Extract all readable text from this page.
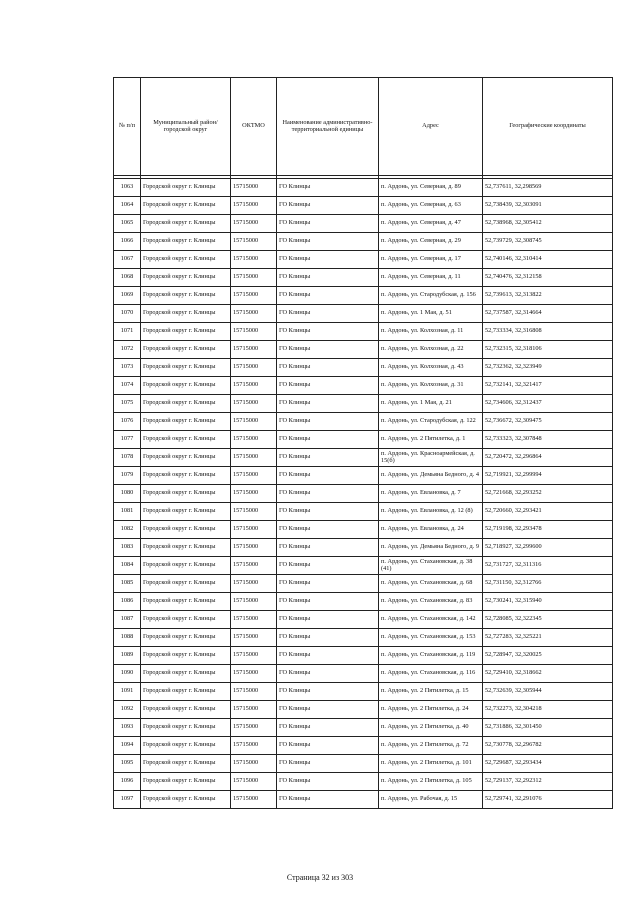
№ п/п	Муниципальный район/городской округ	ОКТМО	Наименование административно-территориальной единицы	Адрес	Географические координаты

1063	Городской округ г. Клинцы	15715000	ГО Клинцы	п. Ардонь, ул. Северная, д. 89	52,737611, 32,298569
1064	Городской округ г. Клинцы	15715000	ГО Клинцы	п. Ардонь, ул. Северная, д. 63	52,738439, 32,303091
1065	Городской округ г. Клинцы	15715000	ГО Клинцы	п. Ардонь, ул. Северная, д. 47	52,738968, 32,305412
1066	Городской округ г. Клинцы	15715000	ГО Клинцы	п. Ардонь, ул. Северная, д. 29	52,739729, 32,308745
1067	Городской округ г. Клинцы	15715000	ГО Клинцы	п. Ардонь, ул. Северная, д. 17	52,740146, 32,310414
1068	Городской округ г. Клинцы	15715000	ГО Клинцы	п. Ардонь, ул. Северная, д. 11	52,740476, 32,312158
1069	Городской округ г. Клинцы	15715000	ГО Клинцы	п. Ардонь, ул. Стародубская, д. 156	52,739613, 32,313822
1070	Городской округ г. Клинцы	15715000	ГО Клинцы	п. Ардонь, ул. 1 Мая, д. 51	52,737587, 32,314664
1071	Городской округ г. Клинцы	15715000	ГО Клинцы	п. Ардонь, ул. Колхозная, д. 11	52,733334, 32,316808
1072	Городской округ г. Клинцы	15715000	ГО Клинцы	п. Ардонь, ул. Колхозная, д. 22	52,732315, 32,318106
1073	Городской округ г. Клинцы	15715000	ГО Клинцы	п. Ардонь, ул. Колхозная, д. 43	52,732362, 32,323949
1074	Городской округ г. Клинцы	15715000	ГО Клинцы	п. Ардонь, ул. Колхозная, д. 31	52,732141, 32,321417
1075	Городской округ г. Клинцы	15715000	ГО Клинцы	п. Ардонь, ул. 1 Мая, д. 21	52,734606, 32,312437
1076	Городской округ г. Клинцы	15715000	ГО Клинцы	п. Ардонь, ул. Стародубская, д. 122	52,736672, 32,309475
1077	Городской округ г. Клинцы	15715000	ГО Клинцы	п. Ардонь, ул. 2 Пятилетка, д. 1	52,733323, 32,307848
1078	Городской округ г. Клинцы	15715000	ГО Клинцы	п. Ардонь, ул. Красноармейская, д. 15(б)	52,720472, 32,296864
1079	Городской округ г. Клинцы	15715000	ГО Клинцы	п. Ардонь, ул. Демьяна Бедного, д. 4	52,719921, 32,299994
1080	Городской округ г. Клинцы	15715000	ГО Клинцы	п. Ардонь, ул. Евлановка, д. 7	52,721668, 32,293252
1081	Городской округ г. Клинцы	15715000	ГО Клинцы	п. Ардонь, ул. Евлановка, д. 12 (8)	52,720660, 32,293421
1082	Городской округ г. Клинцы	15715000	ГО Клинцы	п. Ардонь, ул. Евлановка, д. 24	52,719198, 32,293478
1083	Городской округ г. Клинцы	15715000	ГО Клинцы	п. Ардонь, ул. Демьяна Бедного, д. 9	52,718927, 32,299600
1084	Городской округ г. Клинцы	15715000	ГО Клинцы	п. Ардонь, ул. Стахановская, д. 38 (41)	52,731727, 32,311316
1085	Городской округ г. Клинцы	15715000	ГО Клинцы	п. Ардонь, ул. Стахановская, д. 68	52,731150, 32,312766
1086	Городской округ г. Клинцы	15715000	ГО Клинцы	п. Ардонь, ул. Стахановская, д. 83	52,730241, 32,315940
1087	Городской округ г. Клинцы	15715000	ГО Клинцы	п. Ардонь, ул. Стахановская, д. 142	52,728085, 32,322345
1088	Городской округ г. Клинцы	15715000	ГО Клинцы	п. Ардонь, ул. Стахановская, д. 153	52,727283, 32,325221
1089	Городской округ г. Клинцы	15715000	ГО Клинцы	п. Ардонь, ул. Стахановская, д. 119	52,728947, 32,320025
1090	Городской округ г. Клинцы	15715000	ГО Клинцы	п. Ардонь, ул. Стахановская, д. 116	52,729410, 32,318662
1091	Городской округ г. Клинцы	15715000	ГО Клинцы	п. Ардонь, ул. 2 Пятилетка, д. 15	52,732639, 32,305944
1092	Городской округ г. Клинцы	15715000	ГО Клинцы	п. Ардонь, ул. 2 Пятилетка, д. 24	52,732273, 32,304218
1093	Городской округ г. Клинцы	15715000	ГО Клинцы	п. Ардонь, ул. 2 Пятилетка, д. 40	52,731886, 32,301450
1094	Городской округ г. Клинцы	15715000	ГО Клинцы	п. Ардонь, ул. 2 Пятилетка, д. 72	52,730778, 32,296782
1095	Городской округ г. Клинцы	15715000	ГО Клинцы	п. Ардонь, ул. 2 Пятилетка, д. 101	52,729687, 32,293434
1096	Городской округ г. Клинцы	15715000	ГО Клинцы	п. Ардонь, ул. 2 Пятилетка, д. 105	52,729137, 32,292312
1097	Городской округ г. Клинцы	15715000	ГО Клинцы	п. Ардонь, ул. Рабочая, д. 15	52,729741, 32,291076
Страница 32 из 303
